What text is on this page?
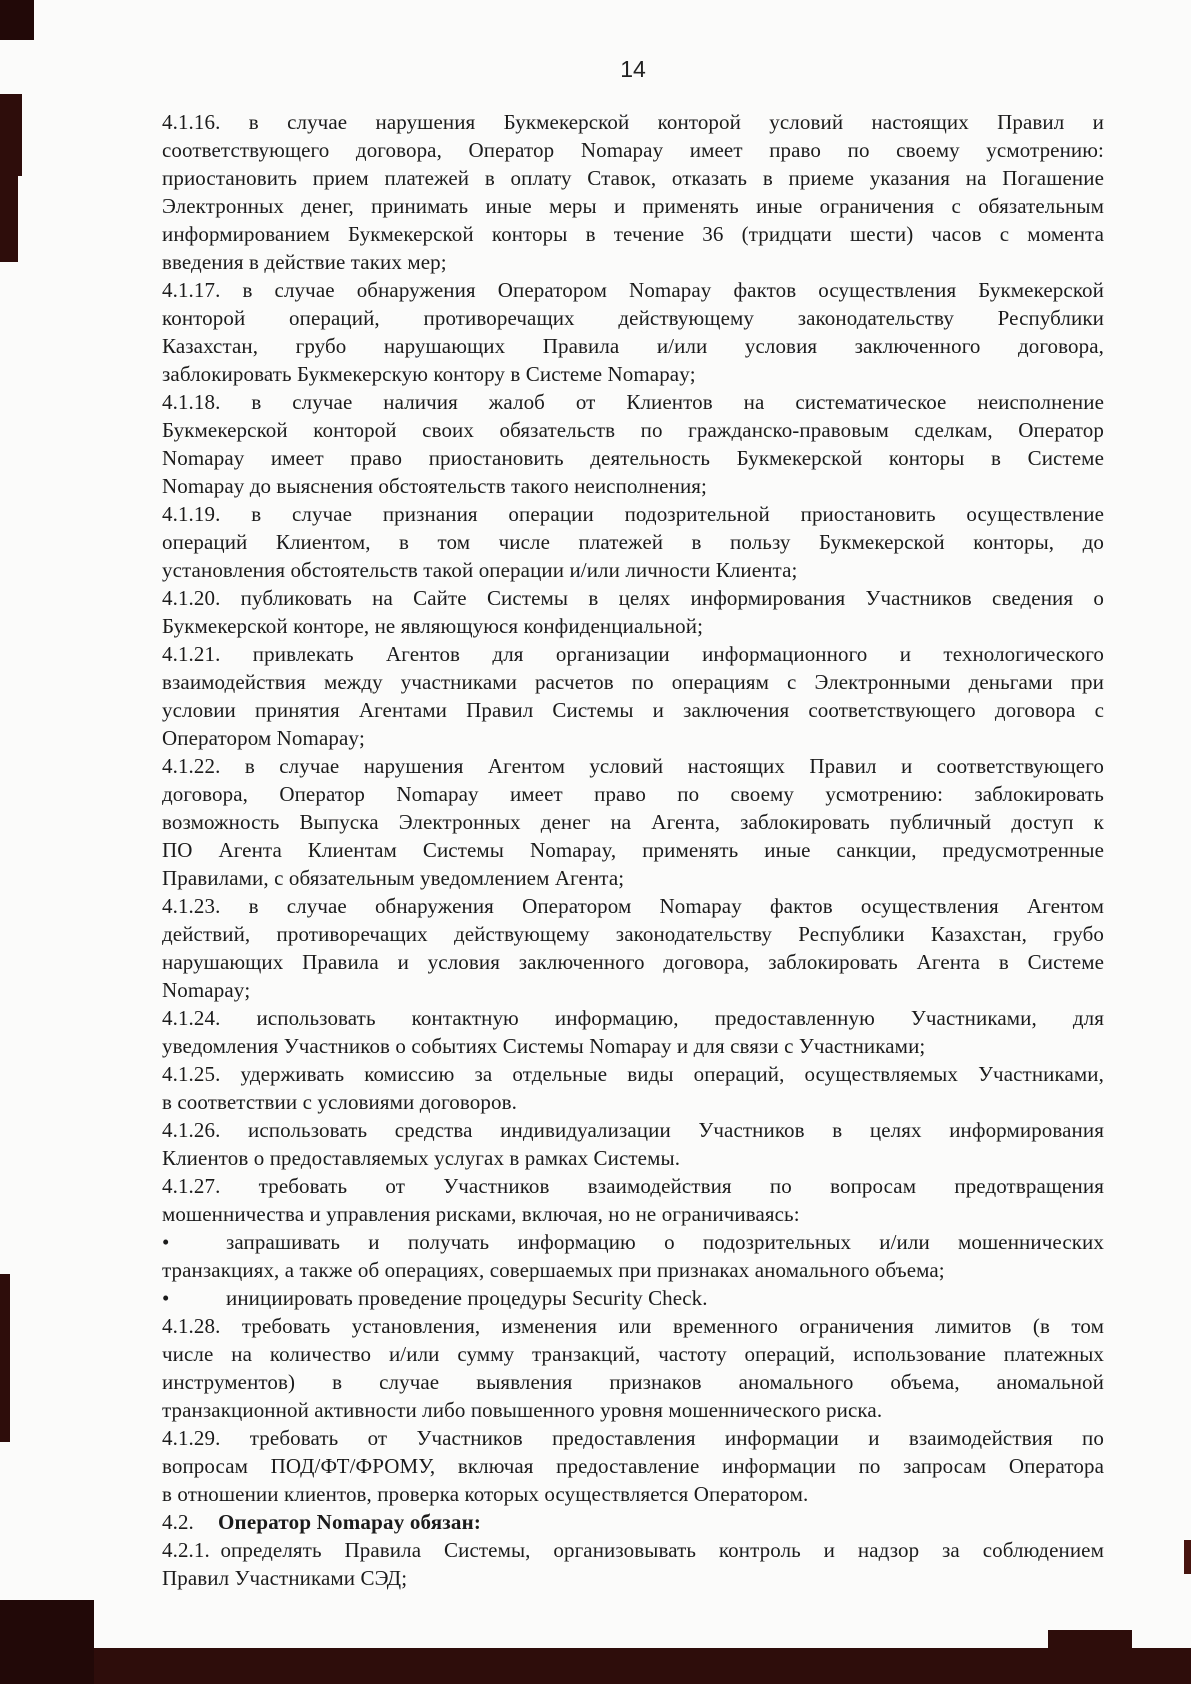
14
4.1.16. в случае нарушения Букмекерской конторой условий настоящих Правил и
соответствующего договора, Оператор Nomapay имеет право по своему усмотрению:
приостановить прием платежей в оплату Ставок, отказать в приеме указания на Погашение
Электронных денег, принимать иные меры и применять иные ограничения с обязательным
информированием Букмекерской конторы в течение 36 (тридцати шести) часов с момента
введения в действие таких мер;
4.1.17. в случае обнаружения Оператором Nomapay фактов осуществления Букмекерской
конторой операций, противоречащих действующему законодательству Республики
Казахстан, грубо нарушающих Правила и/или условия заключенного договора,
заблокировать Букмекерскую контору в Системе Nomapay;
4.1.18. в случае наличия жалоб от Клиентов на систематическое неисполнение
Букмекерской конторой своих обязательств по гражданско-правовым сделкам, Оператор
Nomapay имеет право приостановить деятельность Букмекерской конторы в Системе
Nomapay до выяснения обстоятельств такого неисполнения;
4.1.19. в случае признания операции подозрительной приостановить осуществление
операций Клиентом, в том числе платежей в пользу Букмекерской конторы, до
установления обстоятельств такой операции и/или личности Клиента;
4.1.20. публиковать на Сайте Системы в целях информирования Участников сведения о
Букмекерской конторе, не являющуюся конфиденциальной;
4.1.21. привлекать Агентов для организации информационного и технологического
взаимодействия между участниками расчетов по операциям с Электронными деньгами при
условии принятия Агентами Правил Системы и заключения соответствующего договора с
Оператором Nomapay;
4.1.22. в случае нарушения Агентом условий настоящих Правил и соответствующего
договора, Оператор Nomapay имеет право по своему усмотрению: заблокировать
возможность Выпуска Электронных денег на Агента, заблокировать публичный доступ к
ПО Агента Клиентам Системы Nomapay, применять иные санкции, предусмотренные
Правилами, с обязательным уведомлением Агента;
4.1.23. в случае обнаружения Оператором Nomapay фактов осуществления Агентом
действий, противоречащих действующему законодательству Республики Казахстан, грубо
нарушающих Правила и условия заключенного договора, заблокировать Агента в Системе
Nomapay;
4.1.24. использовать контактную информацию, предоставленную Участниками, для
уведомления Участников о событиях Системы Nomapay и для связи с Участниками;
4.1.25. удерживать комиссию за отдельные виды операций, осуществляемых Участниками,
в соответствии с условиями договоров.
4.1.26. использовать средства индивидуализации Участников в целях информирования
Клиентов о предоставляемых услугах в рамках Системы.
4.1.27. требовать от Участников взаимодействия по вопросам предотвращения
мошенничества и управления рисками, включая, но не ограничиваясь:
•	запрашивать и получать информацию о подозрительных и/или мошеннических
транзакциях, а также об операциях, совершаемых при признаках аномального объема;
•	инициировать проведение процедуры Security Check.
4.1.28. требовать установления, изменения или временного ограничения лимитов (в том
числе на количество и/или сумму транзакций, частоту операций, использование платежных
инструментов) в случае выявления признаков аномального объема, аномальной
транзакционной активности либо повышенного уровня мошеннического риска.
4.1.29. требовать от Участников предоставления информации и взаимодействия по
вопросам ПОД/ФТ/ФРОМУ, включая предоставление информации по запросам Оператора
в отношении клиентов, проверка которых осуществляется Оператором.
4.2. Оператор Nomapay обязан:
4.2.1. определять Правила Системы, организовывать контроль и надзор за соблюдением
Правил Участниками СЭД;
